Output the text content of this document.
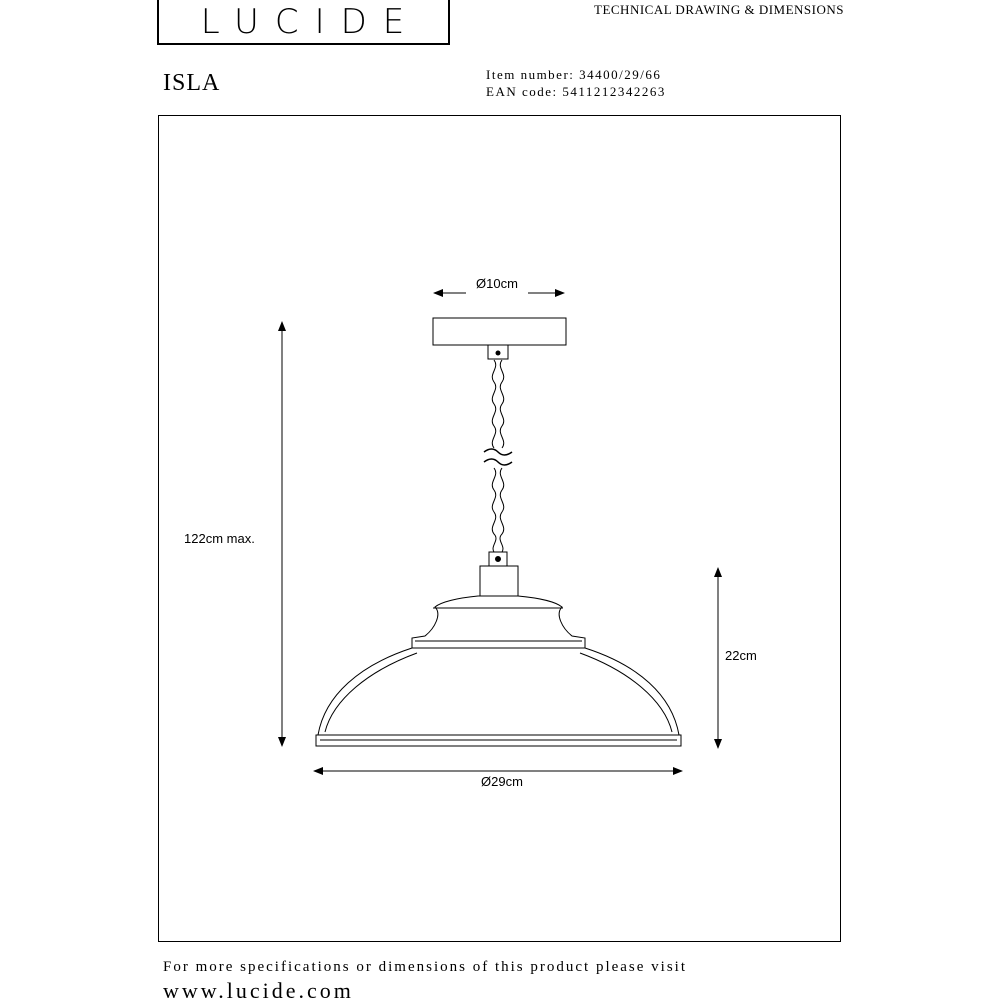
LUCIDE	TECHNICAL DRAWING & DIMENSIONS
ISLA	Item number: 34400/29/66
EAN code: 5411212342263
Ø10cm
122cm max.
22cm
Ø29cm
For more specifications or dimensions of this product please visit
www.lucide.com
